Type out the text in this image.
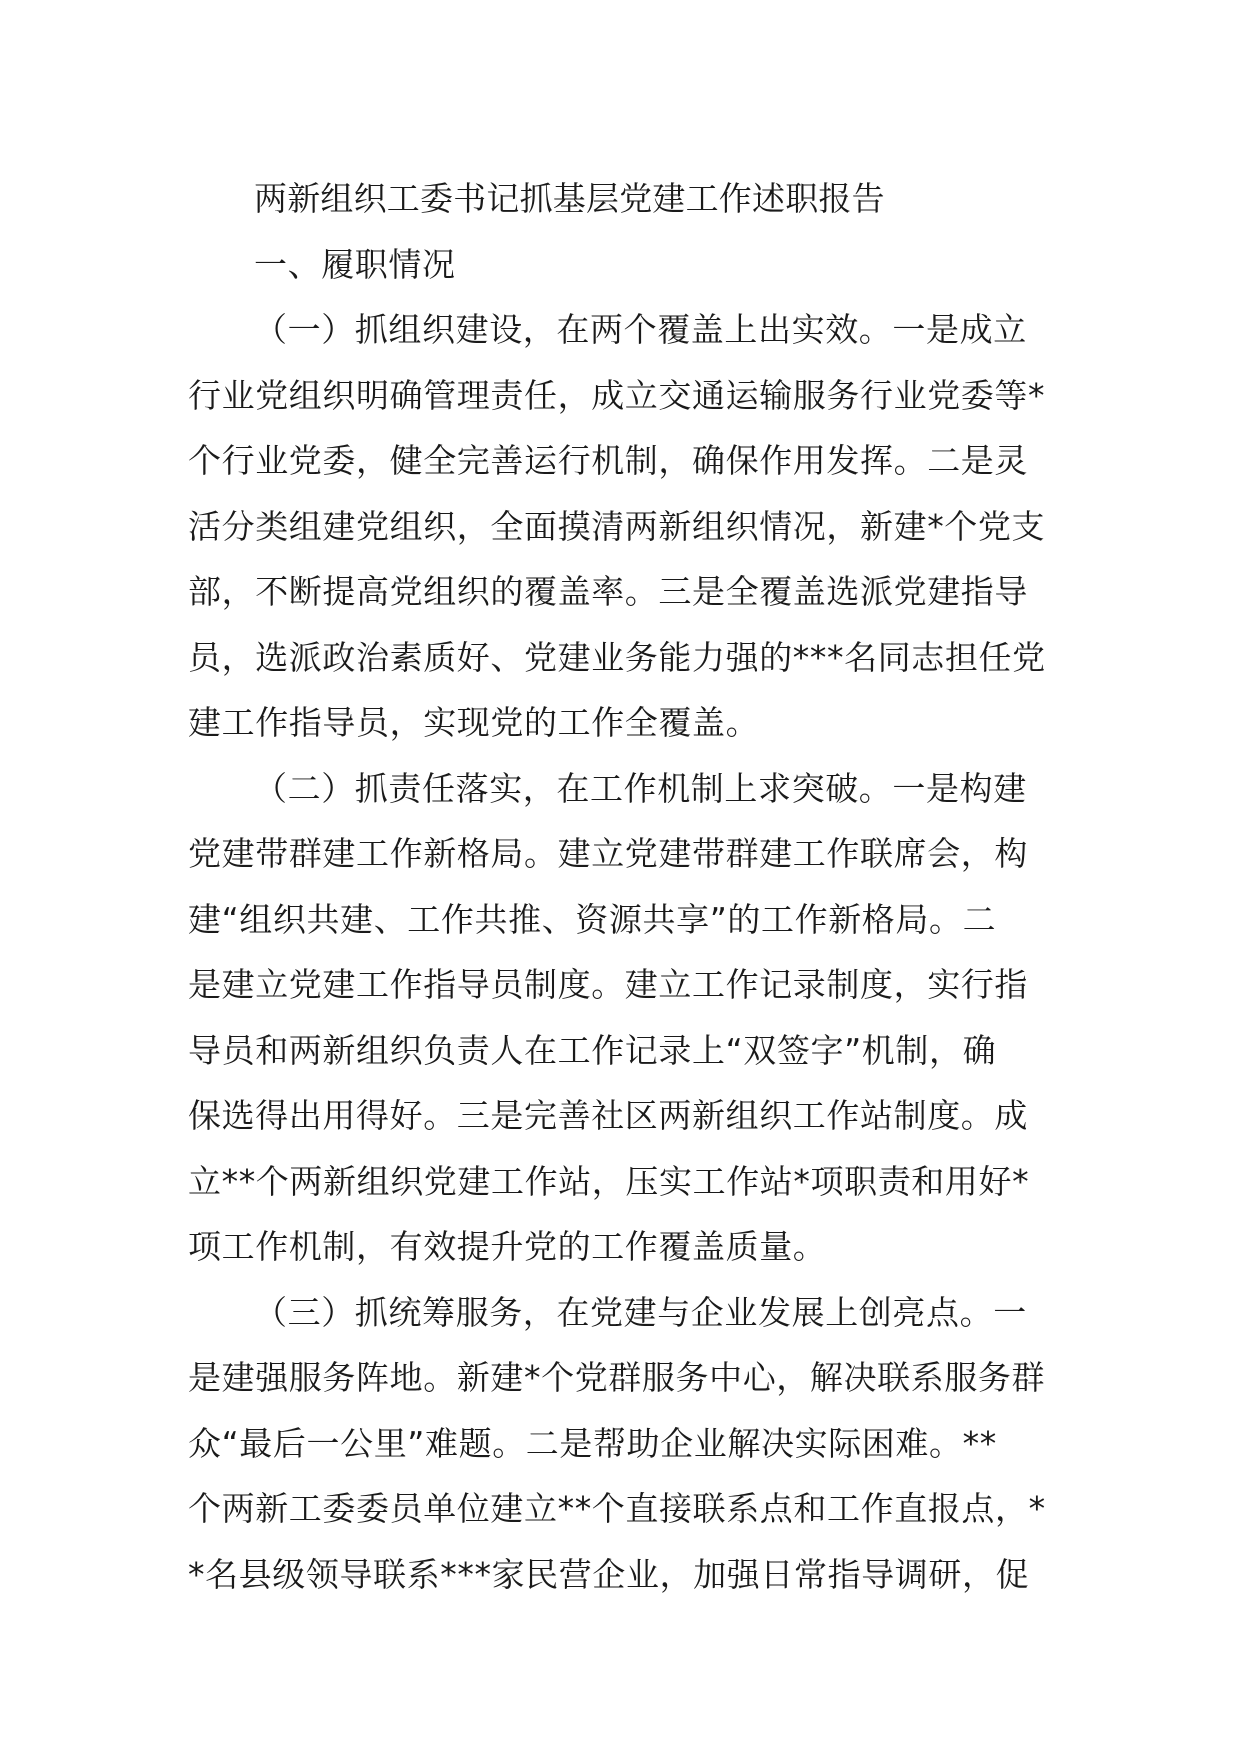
两新组织工委书记抓基层党建工作述职报告
一、履职情况
（一）抓组织建设，在两个覆盖上出实效。一是成立
行业党组织明确管理责任，成立交通运输服务行业党委等*
个行业党委，健全完善运行机制，确保作用发挥。二是灵
活分类组建党组织，全面摸清两新组织情况，新建*个党支
部，不断提高党组织的覆盖率。三是全覆盖选派党建指导
员，选派政治素质好、党建业务能力强的***名同志担任党
建工作指导员，实现党的工作全覆盖。
（二）抓责任落实，在工作机制上求突破。一是构建
党建带群建工作新格局。建立党建带群建工作联席会，构
建“组织共建、工作共推、资源共享”的工作新格局。二
是建立党建工作指导员制度。建立工作记录制度，实行指
导员和两新组织负责人在工作记录上“双签字”机制，确
保选得出用得好。三是完善社区两新组织工作站制度。成
立**个两新组织党建工作站，压实工作站*项职责和用好*
项工作机制，有效提升党的工作覆盖质量。
（三）抓统筹服务，在党建与企业发展上创亮点。一
是建强服务阵地。新建*个党群服务中心，解决联系服务群
众“最后一公里”难题。二是帮助企业解决实际困难。**
个两新工委委员单位建立**个直接联系点和工作直报点，*
*名县级领导联系***家民营企业，加强日常指导调研，促
